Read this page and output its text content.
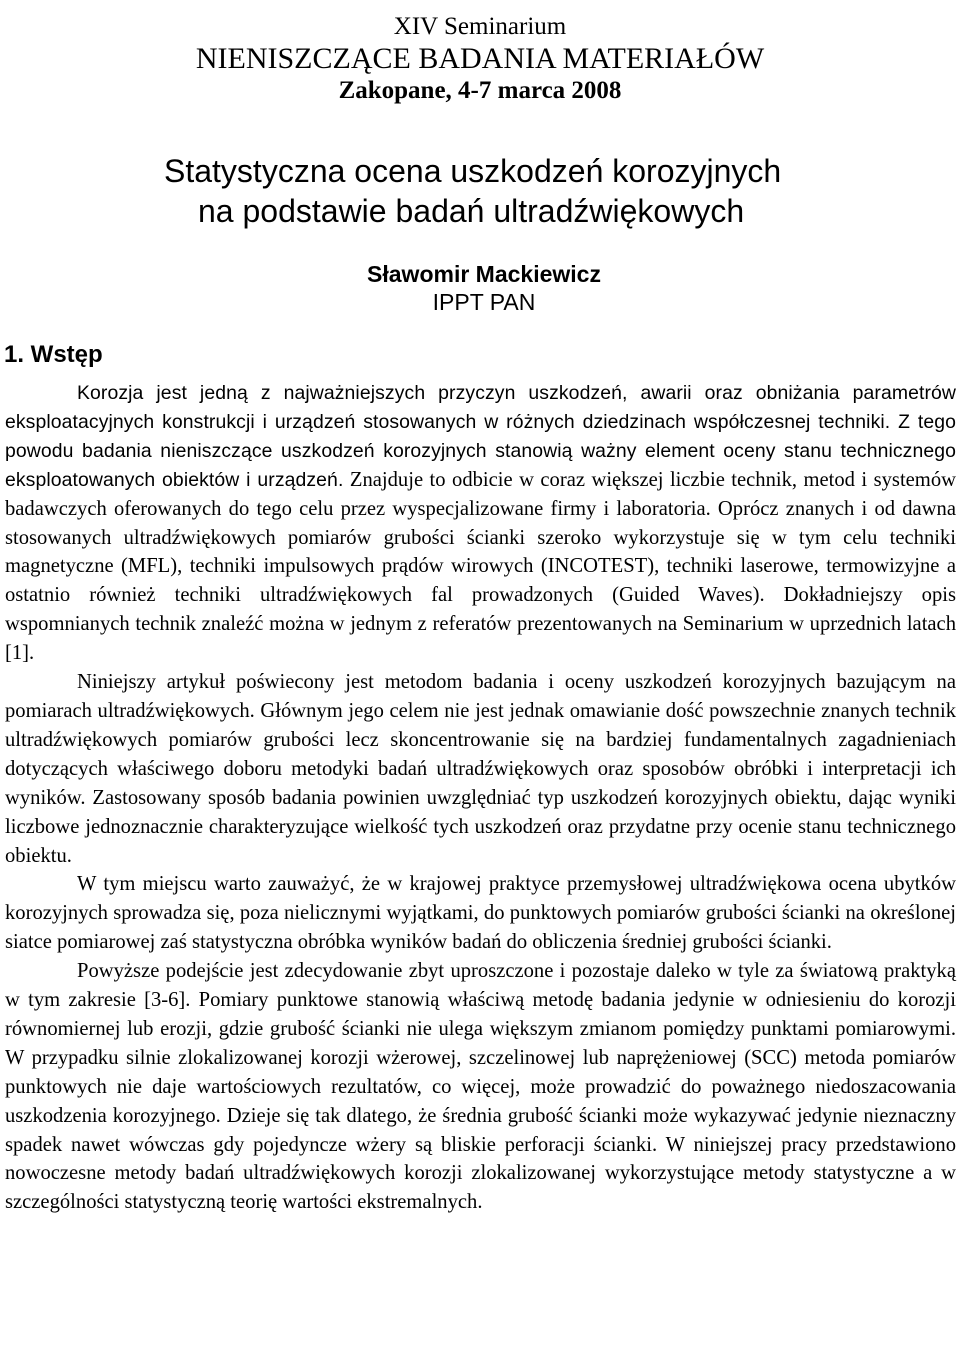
XIV Seminarium
NIENISZCZĄCE BADANIA MATERIAŁÓW
Zakopane, 4-7 marca 2008
Statystyczna ocena uszkodzeń korozyjnych
na podstawie badań ultradźwiękowych
Sławomir Mackiewicz
IPPT PAN
1. Wstęp

Korozja jest jedną z najważniejszych przyczyn uszkodzeń, awarii oraz obniżania parametrów eksploatacyjnych konstrukcji i urządzeń stosowanych w różnych dziedzinach współczesnej techniki. Z tego powodu badania nieniszczące uszkodzeń korozyjnych stanowią ważny element oceny stanu technicznego eksploatowanych obiektów i urządzeń. Znajduje to odbicie w coraz większej liczbie technik, metod i systemów badawczych oferowanych do tego celu przez wyspecjalizowane firmy i laboratoria. Oprócz znanych i od dawna stosowanych ultradźwiękowych pomiarów grubości ścianki szeroko wykorzystuje się w tym celu techniki magnetyczne (MFL), techniki impulsowych prądów wirowych (INCOTEST), techniki laserowe, termowizyjne a ostatnio również techniki ultradźwiękowych fal prowadzonych (Guided Waves). Dokładniejszy opis wspomnianych technik znaleźć można w jednym z referatów prezentowanych na Seminarium w uprzednich latach [1].

Niniejszy artykuł poświecony jest metodom badania i oceny uszkodzeń korozyjnych bazującym na pomiarach ultradźwiękowych. Głównym jego celem nie jest jednak omawianie dość powszechnie znanych technik ultradźwiękowych pomiarów grubości lecz skoncentrowanie się na bardziej fundamentalnych zagadnieniach dotyczących właściwego doboru metodyki badań ultradźwiękowych oraz sposobów obróbki i interpretacji ich wyników. Zastosowany sposób badania powinien uwzględniać typ uszkodzeń korozyjnych obiektu, dając wyniki liczbowe jednoznacznie charakteryzujące wielkość tych uszkodzeń oraz przydatne przy ocenie stanu technicznego obiektu.

W tym miejscu warto zauważyć, że w krajowej praktyce przemysłowej ultradźwiękowa ocena ubytków korozyjnych sprowadza się, poza nielicznymi wyjątkami, do punktowych pomiarów grubości ścianki na określonej siatce pomiarowej zaś statystyczna obróbka wyników badań do obliczenia średniej grubości ścianki.

Powyższe podejście jest zdecydowanie zbyt uproszczone i pozostaje daleko w tyle za światową praktyką w tym zakresie [3-6]. Pomiary punktowe stanowią właściwą metodę badania jedynie w odniesieniu do korozji równomiernej lub erozji, gdzie grubość ścianki nie ulega większym zmianom pomiędzy punktami pomiarowymi. W przypadku silnie zlokalizowanej korozji wżerowej, szczelinowej lub naprężeniowej (SCC) metoda pomiarów punktowych nie daje wartościowych rezultatów, co więcej, może prowadzić do poważnego niedoszacowania uszkodzenia korozyjnego. Dzieje się tak dlatego, że średnia grubość ścianki może wykazywać jedynie nieznaczny spadek nawet wówczas gdy pojedyncze wżery są bliskie perforacji ścianki. W niniejszej pracy przedstawiono nowoczesne metody badań ultradźwiękowych korozji zlokalizowanej wykorzystujące metody statystyczne a w szczególności statystyczną teorię wartości ekstremalnych.
